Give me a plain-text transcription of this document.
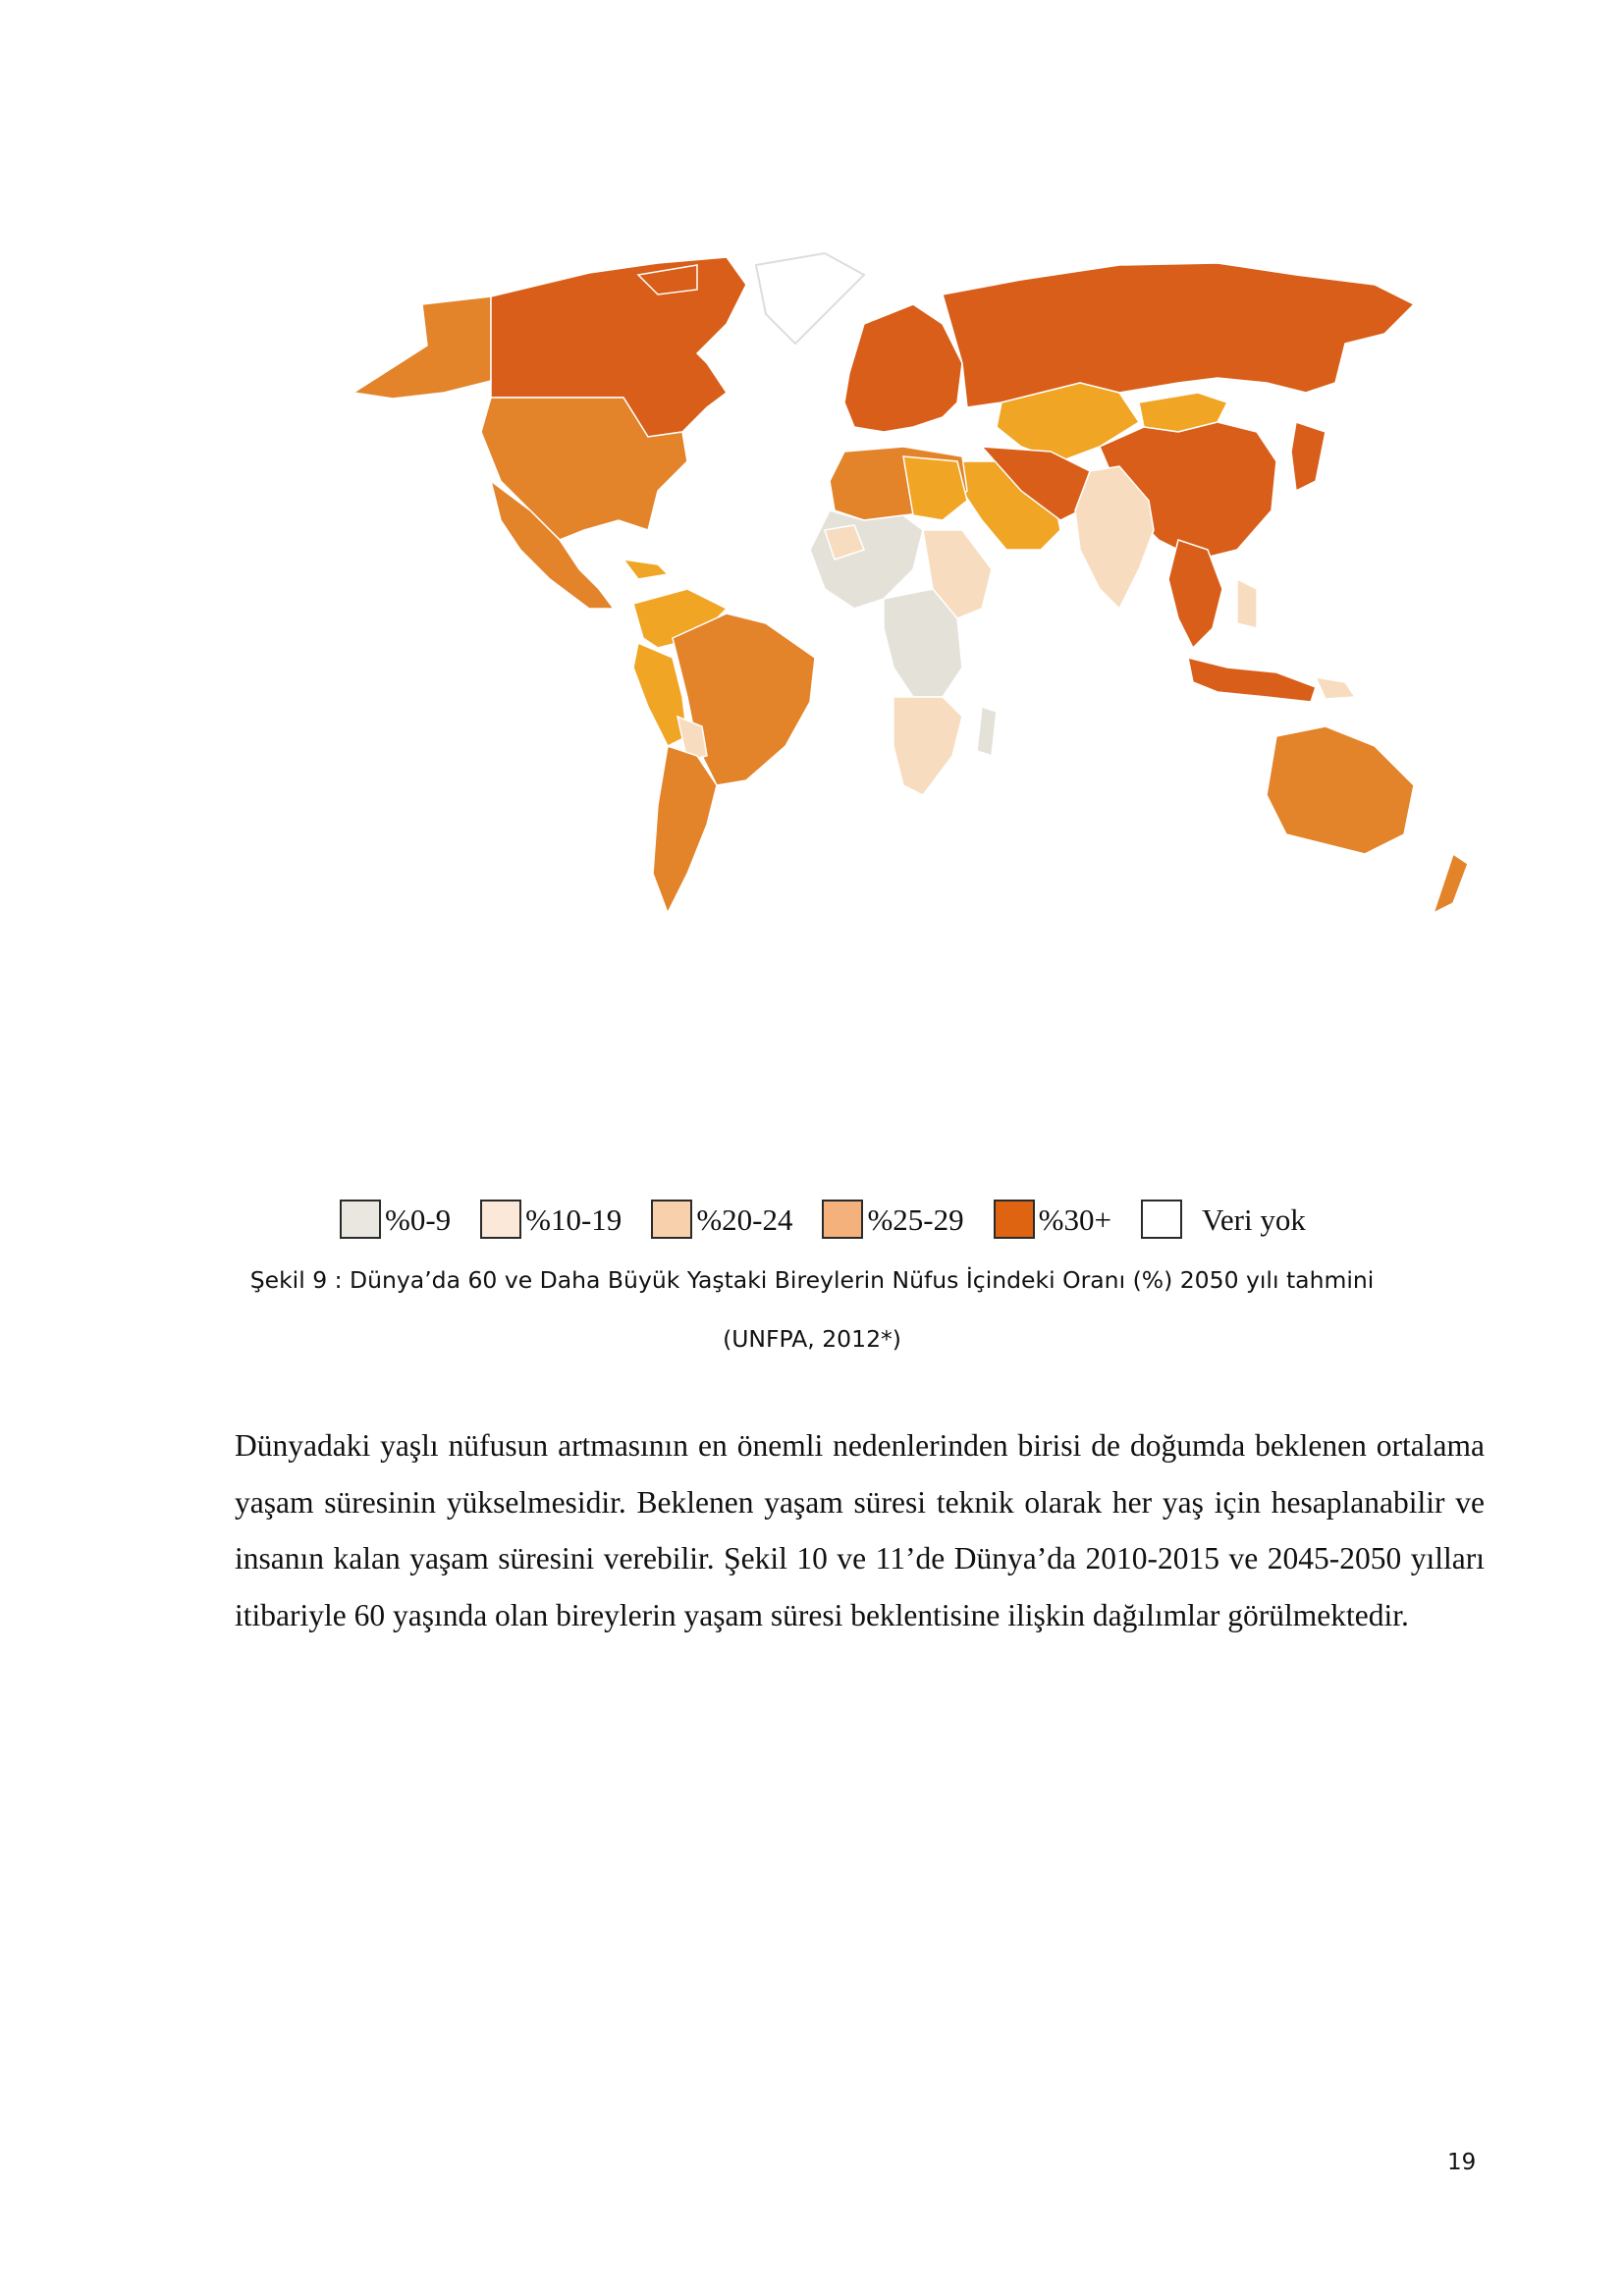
%0-9 %10-19 %20-24 %25-29 %30+	Veri yok
Şekil 9 : Dünya’da 60 ve Daha Büyük Yaştaki Bireylerin Nüfus İçindeki Oranı (%) 2050 yılı tahmini
(UNFPA, 2012*)
Dünyadaki yaşlı nüfusun artmasının en önemli nedenlerinden birisi de doğumda beklenen ortalama yaşam süresinin yükselmesidir. Beklenen yaşam süresi teknik olarak her yaş için hesaplanabilir ve insanın kalan yaşam süresini verebilir. Şekil 10 ve 11’de Dünya’da 2010-2015 ve 2045-2050 yılları itibariyle 60 yaşında olan bireylerin yaşam süresi beklentisine ilişkin dağılımlar görülmektedir.
19
